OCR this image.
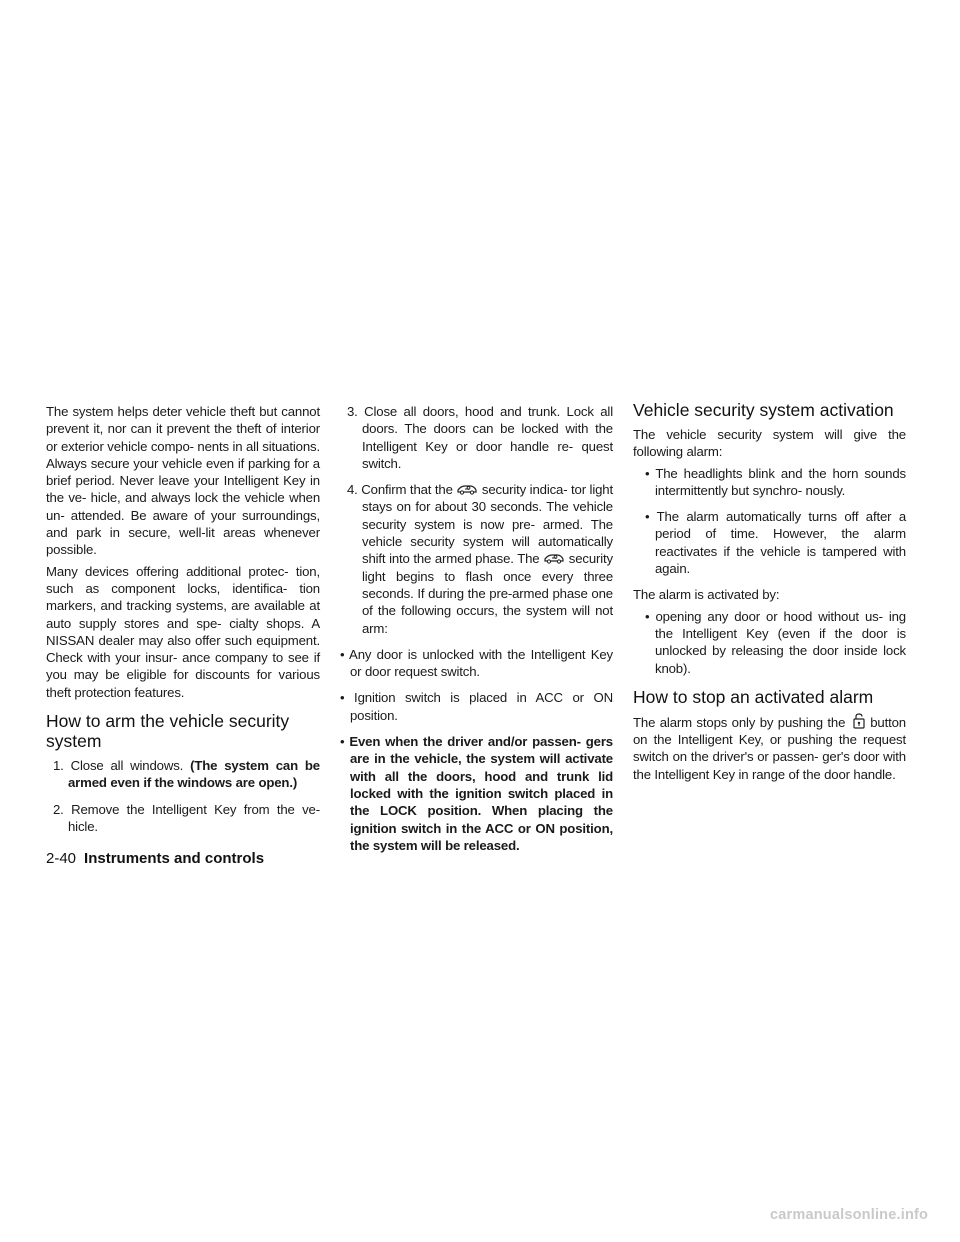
The system helps deter vehicle theft but cannot prevent it, nor can it prevent the theft of interior or exterior vehicle compo- nents in all situations. Always secure your vehicle even if parking for a brief period. Never leave your Intelligent Key in the ve- hicle, and always lock the vehicle when un- attended. Be aware of your surroundings, and park in secure, well-lit areas whenever possible.

Many devices offering additional protec- tion, such as component locks, identifica- tion markers, and tracking systems, are available at auto supply stores and spe- cialty shops. A NISSAN dealer may also offer such equipment. Check with your insur- ance company to see if you may be eligible for discounts for various theft protection features.

How to arm the vehicle security system
1. Close all windows. (The system can be armed even if the windows are open.)
2. Remove the Intelligent Key from the ve- hicle.
3. Close all doors, hood and trunk. Lock all doors. The doors can be locked with the Intelligent Key or door handle re- quest switch.
4. Confirm that the
security indica- tor light stays on for about 30 seconds. The vehicle security system is now pre- armed. The vehicle security system will automatically shift into the armed phase. The
security light begins to flash once every three seconds. If during the pre-armed phase one of the following occurs, the system will not arm:
• Any door is unlocked with the Intelligent Key or door request switch.
• Ignition switch is placed in ACC or ON position.
• Even when the driver and/or passen- gers are in the vehicle, the system will activate with all the doors, hood and trunk lid locked with the ignition switch placed in the LOCK position. When placing the ignition switch in the ACC or ON position, the system will be released.
Vehicle security system activation

The vehicle security system will give the following alarm:

• The headlights blink and the horn sounds intermittently but synchro- nously.
• The alarm automatically turns off after a period of time. However, the alarm reactivates if the vehicle is tampered with again.

The alarm is activated by:

• opening any door or hood without us- ing the Intelligent Key (even if the door is unlocked by releasing the door inside lock knob).
How to stop an activated alarm

The alarm stops only by pushing the
button on the Intelligent Key, or pushing the request switch on the driver's or passen- ger's door with the Intelligent Key in range of the door handle.

2-40 Instruments and controls
carmanualsonline.info
